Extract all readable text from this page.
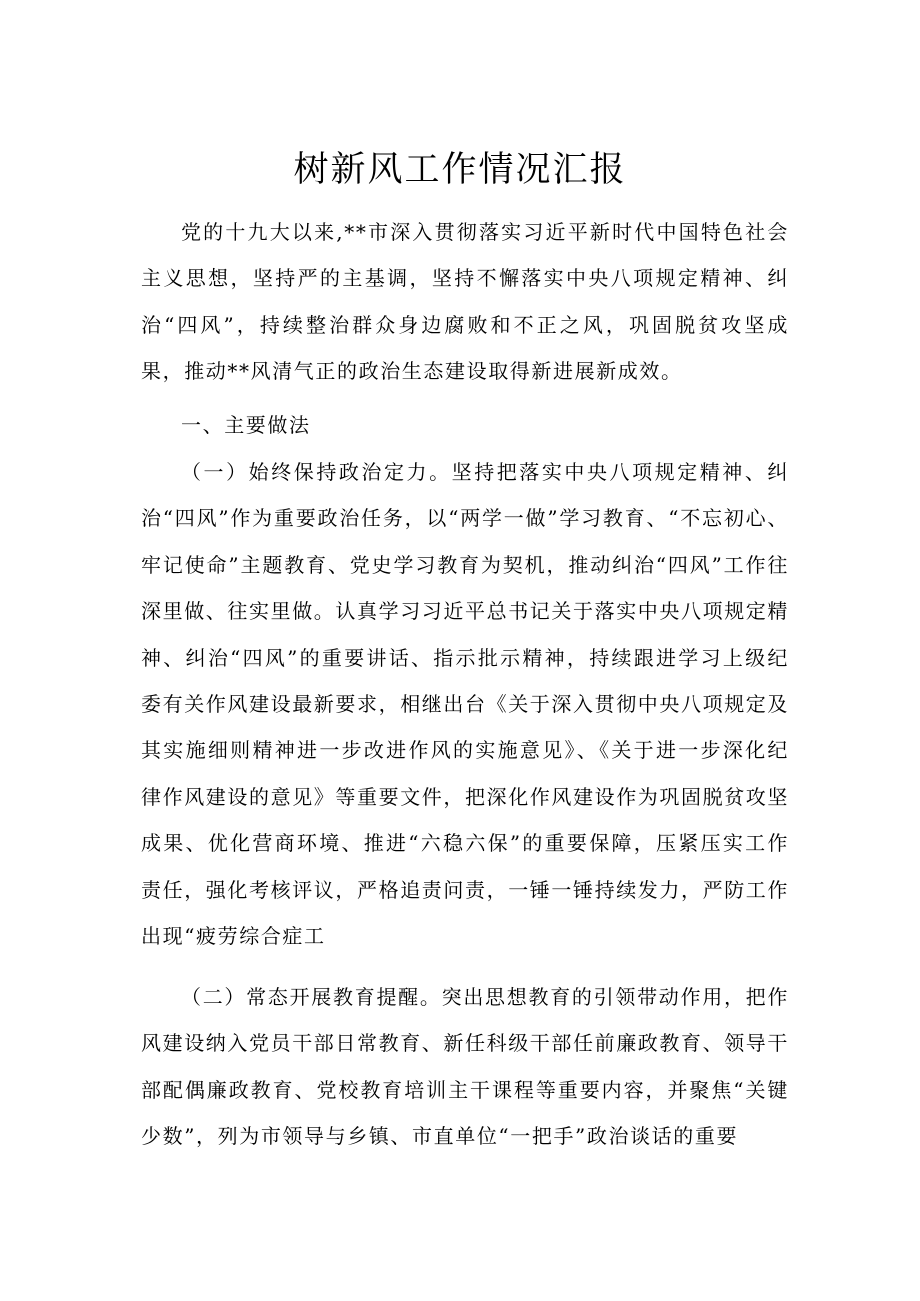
树新风工作情况汇报

党的十九大以来,**市深入贯彻落实习近平新时代中国特色社会主义思想，坚持严的主基调，坚持不懈落实中央八项规定精神、纠治“四风”，持续整治群众身边腐败和不正之风，巩固脱贫攻坚成果，推动**风清气正的政治生态建设取得新进展新成效。

一、主要做法

（一）始终保持政治定力。坚持把落实中央八项规定精神、纠治“四风”作为重要政治任务，以“两学一做”学习教育、“不忘初心、牢记使命”主题教育、党史学习教育为契机，推动纠治“四风”工作往深里做、往实里做。认真学习习近平总书记关于落实中央八项规定精神、纠治“四风”的重要讲话、指示批示精神，持续跟进学习上级纪委有关作风建设最新要求，相继出台《关于深入贯彻中央八项规定及其实施细则精神进一步改进作风的实施意见》、《关于进一步深化纪律作风建设的意见》等重要文件，把深化作风建设作为巩固脱贫攻坚成果、优化营商环境、推进“六稳六保”的重要保障，压紧压实工作责任，强化考核评议，严格追责问责，一锤一锤持续发力，严防工作出现“疲劳综合症工

（二）常态开展教育提醒。突出思想教育的引领带动作用，把作风建设纳入党员干部日常教育、新任科级干部任前廉政教育、领导干部配偶廉政教育、党校教育培训主干课程等重要内容，并聚焦“关键少数”，列为市领导与乡镇、市直单位“一把手”政治谈话的重要
